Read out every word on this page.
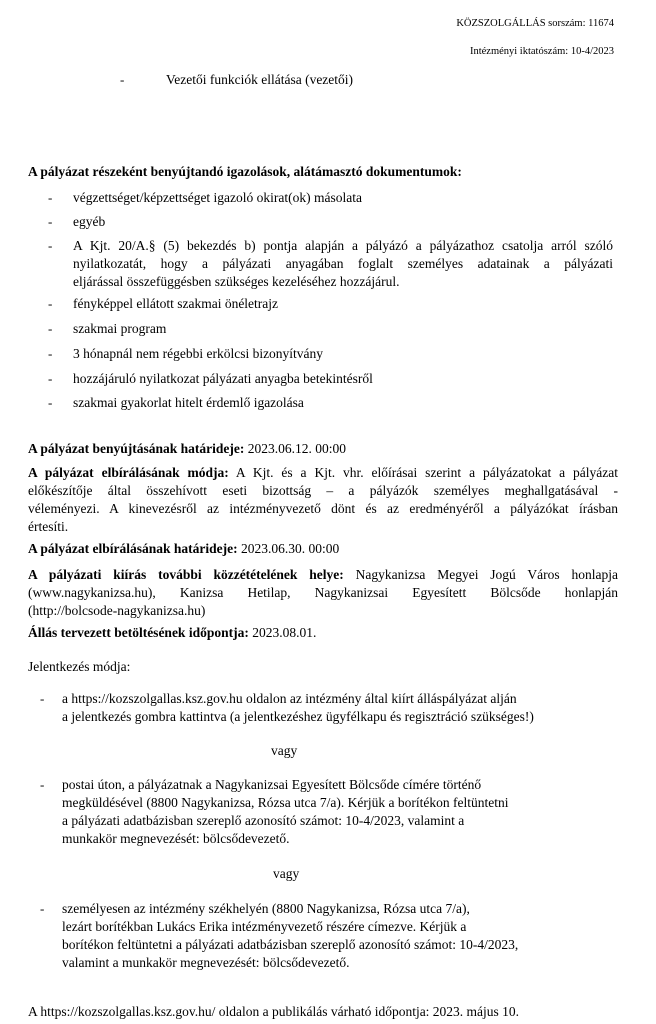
KÖZSZOLGÁLLÁS sorszám: 11674
Intézményi iktatószám: 10-4/2023
-	Vezetői funkciók ellátása (vezetői)
A pályázat részeként benyújtandó igazolások, alátámasztó dokumentumok:
- végzettséget/képzettséget igazoló okirat(ok) másolata
- egyéb
- A Kjt. 20/A.§ (5) bekezdés b) pontja alapján a pályázó a pályázathoz csatolja arról szóló
nyilatkozatát, hogy a pályázati anyagában foglalt személyes adatainak a pályázati
eljárással összefüggésben szükséges kezeléséhez hozzájárul.
- fényképpel ellátott szakmai önéletrajz
- szakmai program
- 3 hónapnál nem régebbi erkölcsi bizonyítvány
- hozzájáruló nyilatkozat pályázati anyagba betekintésről
- szakmai gyakorlat hitelt érdemlő igazolása
A pályázat benyújtásának határideje: 2023.06.12. 00:00
A pályázat elbírálásának módja: A Kjt. és a Kjt. vhr. előírásai szerint a pályázatokat a pályázat
előkészítője által összehívott eseti bizottság – a pályázók személyes meghallgatásával -
véleményezi. A kinevezésről az intézményvezető dönt és az eredményéről a pályázókat írásban
értesíti.
A pályázat elbírálásának határideje: 2023.06.30. 00:00
A pályázati kiírás további közzétételének helye: Nagykanizsa Megyei Jogú Város honlapja
(www.nagykanizsa.hu), Kanizsa Hetilap, Nagykanizsai Egyesített Bölcsőde honlapján
(http://bolcsode-nagykanizsa.hu)
Állás tervezett betöltésének időpontja: 2023.08.01.
Jelentkezés módja:
- a https://kozszolgallas.ksz.gov.hu oldalon az intézmény által kiírt álláspályázat alján
a jelentkezés gombra kattintva (a jelentkezéshez ügyfélkapu és regisztráció szükséges!)
vagy
- postai úton, a pályázatnak a Nagykanizsai Egyesített Bölcsőde címére történő
megküldésével (8800 Nagykanizsa, Rózsa utca 7/a). Kérjük a borítékon feltüntetni
a pályázati adatbázisban szereplő azonosító számot: 10-4/2023, valamint a
munkakör megnevezését: bölcsődevezető.
vagy
- személyesen az intézmény székhelyén (8800 Nagykanizsa, Rózsa utca 7/a),
lezárt borítékban Lukács Erika intézményvezető részére címezve. Kérjük a
borítékon feltüntetni a pályázati adatbázisban szereplő azonosító számot: 10-4/2023,
valamint a munkakör megnevezését: bölcsődevezető.
A https://kozszolgallas.ksz.gov.hu/ oldalon a publikálás várható időpontja: 2023. május 10.
